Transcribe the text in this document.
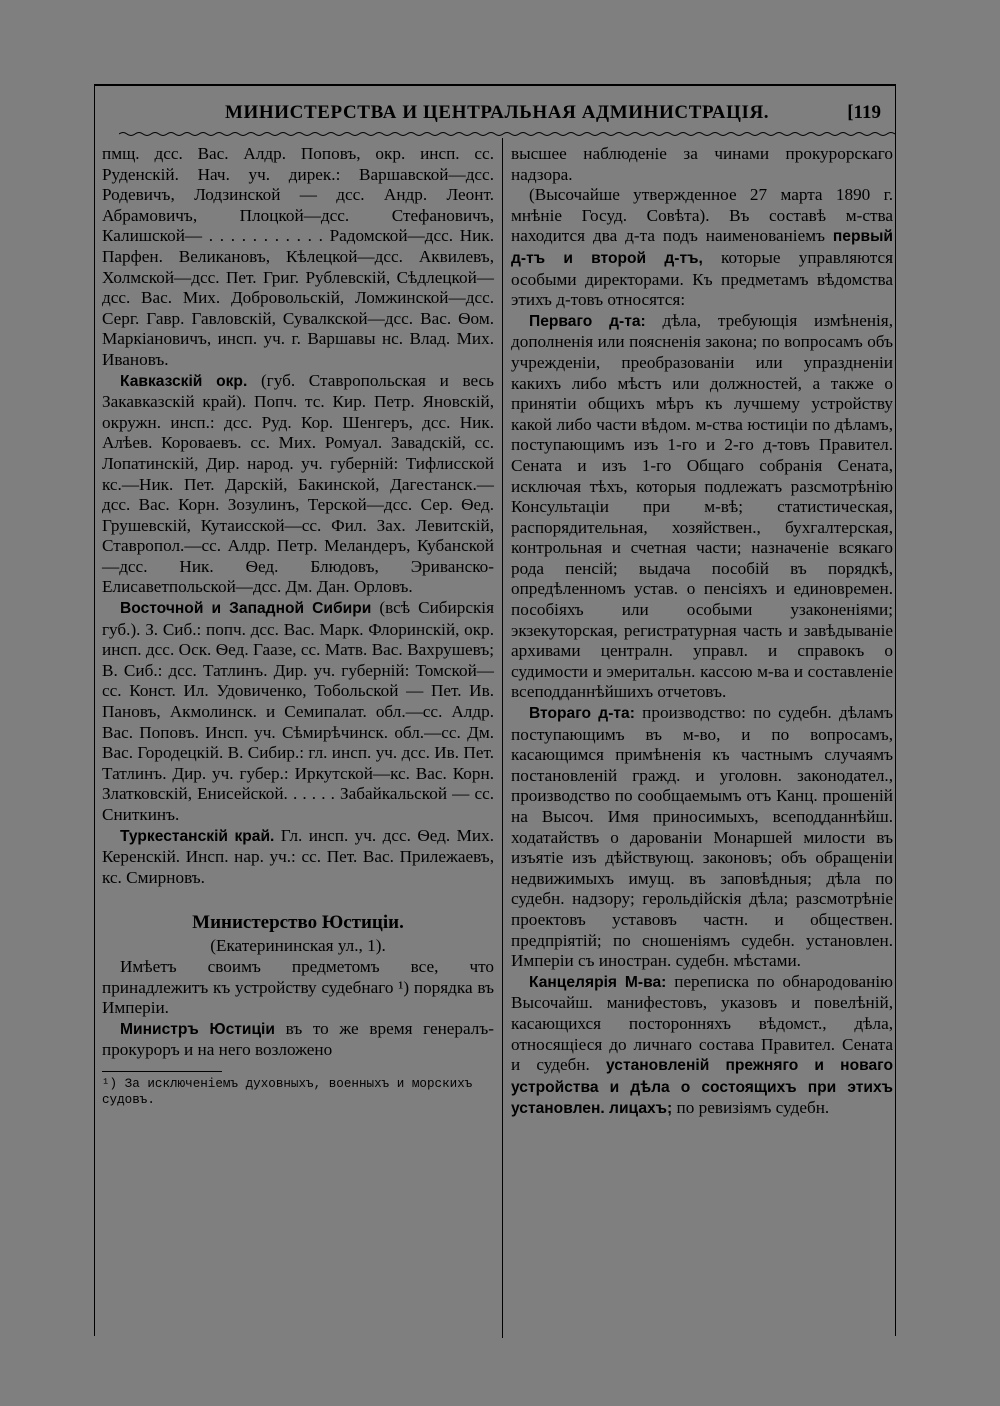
МИНИСТЕРСТВА И ЦЕНТРАЛЬНАЯ АДМИНИСТРАЦІЯ.	[119

пмщ. дсс. Вас. Алдр. Поповъ, окр. инсп. сс. Руденскій. Нач. уч. дирек.: Варшавской—дсс. Родевичъ, Лодзинской — дсс. Андр. Леонт. Абрамовичъ, Плоцкой—дсс. Стефановичъ, Калишской— . . . . . . . . . . . Радомской—дсс. Ник. Парфен. Великановъ, Кѣлецкой—дсс. Аквилевъ, Холмской—дсс. Пет. Григ. Рублевскій, Сѣдлецкой—дсс. Вас. Мих. Добровольскій, Ломжинской—дсс. Серг. Гавр. Гавловскій, Сувалкской—дсс. Вас. Ѳом. Маркіановичъ, инсп. уч. г. Варшавы нс. Влад. Мих. Ивановъ.

Кавказскій окр. (губ. Ставропольская и весь Закавказскій край). Попч. тс. Кир. Петр. Яновскій, окружн. инсп.: дсс. Руд. Кор. Шенгеръ, дсс. Ник. Алѣев. Короваевъ. сс. Мих. Ромуал. Завадскій, сс. Лопатинскій, Дир. народ. уч. губерній: Тифлисской кс.—Ник. Пет. Дарскій, Бакинской, Дагестанск.—дсс. Вас. Корн. Зозулинъ, Терской—дсс. Сер. Ѳед. Грушевскій, Кутаисской—сс. Фил. Зах. Левитскій, Ставропол.—сс. Алдр. Петр. Меландеръ, Кубанской—дсс. Ник. Ѳед. Блюдовъ, Эриванско-Елисаветпольской—дсс. Дм. Дан. Орловъ.

Восточной и Западной Сибири (всѣ Сибирскія губ.). З. Сиб.: попч. дсс. Вас. Марк. Флоринскій, окр. инсп. дсс. Оск. Ѳед. Гаазе, сс. Матв. Вас. Вахрушевъ; В. Сиб.: дсс. Татлинъ. Дир. уч. губерній: Томской—сс. Конст. Ил. Удовиченко, Тобольской — Пет. Ив. Пановъ, Акмолинск. и Семипалат. обл.—сс. Алдр. Вас. Поповъ. Инсп. уч. Сѣмирѣчинск. обл.—сс. Дм. Вас. Городецкій. В. Сибир.: гл. инсп. уч. дсс. Ив. Пет. Татлинъ. Дир. уч. губер.: Иркутской—кс. Вас. Корн. Златковскій, Енисейской. . . . . . Забайкальской — сс. Сниткинъ.

Туркестанскій край. Гл. инсп. уч. дсс. Ѳед. Мих. Керенскій. Инсп. нар. уч.: сс. Пет. Вас. Прилежаевъ, кс. Смирновъ.

Министерство Юстиціи.

(Екатерининская ул., 1).

Имѣетъ своимъ предметомъ все, что принадлежитъ къ устройству судебнаго ¹) порядка въ Имперіи.

Министръ Юстиціи въ то же время генералъ-прокуроръ и на него возложено

¹) За исключеніемъ духовныхъ, военныхъ и морскихъ судовъ.

высшее наблюденіе за чинами прокурорскаго надзора.

(Высочайше утвержденное 27 марта 1890 г. мнѣніе Госуд. Совѣта). Въ составѣ м-ства находится два д-та подъ наименованіемъ первый д-тъ и второй д-тъ, которые управляются особыми директорами. Къ предметамъ вѣдомства этихъ д-товъ относятся:

Перваго д-та: дѣла, требующія измѣненія, дополненія или поясненія закона; по вопросамъ объ учрежденіи, преобразованіи или упраздненіи какихъ либо мѣстъ или должностей, а также о принятіи общихъ мѣръ къ лучшему устройству какой либо части вѣдом. м-ства юстиціи по дѣламъ, поступающимъ изъ 1-го и 2-го д-товъ Правител. Сената и изъ 1-го Общаго собранія Сената, исключая тѣхъ, которыя подлежатъ разсмотрѣнію Консультаціи при м-вѣ; статистическая, распорядительная, хозяйствен., бухгалтерская, контрольная и счетная части; назначеніе всякаго рода пенсій; выдача пособій въ порядкѣ, опредѣленномъ устав. о пенсіяхъ и единовремен. пособіяхъ или особыми узаконеніями; экзекуторская, регистратурная часть и завѣдываніе архивами централн. управл. и справокъ о судимости и эмеритальн. кассою м-ва и составленіе всеподданнѣйшихъ отчетовъ.

Втораго д-та: производство: по судебн. дѣламъ поступающимъ въ м-во, и по вопросамъ, касающимся примѣненія къ частнымъ случаямъ постановленій гражд. и уголовн. законодател., производство по сообщаемымъ отъ Канц. прошеній на Высоч. Имя приносимыхъ, всеподданнѣйш. ходатайствъ о дарованіи Монаршей милости въ изъятіе изъ дѣйствующ. законовъ; объ обращеніи недвижимыхъ имущ. въ заповѣдныя; дѣла по судебн. надзору; герольдійскія дѣла; разсмотрѣніе проектовъ уставовъ частн. и обществен. предпріятій; по сношеніямъ судебн. установлен. Имперіи съ иностран. судебн. мѣстами.

Канцелярія М-ва: переписка по обнародованію Высочайш. манифестовъ, указовъ и повелѣній, касающихся посторонняхъ вѣдомст., дѣла, относящіеся до личнаго состава Правител. Сената и судебн. установленій прежняго и новаго устройства и дѣла о состоящихъ при этихъ установлен. лицахъ; по ревизіямъ судебн.
